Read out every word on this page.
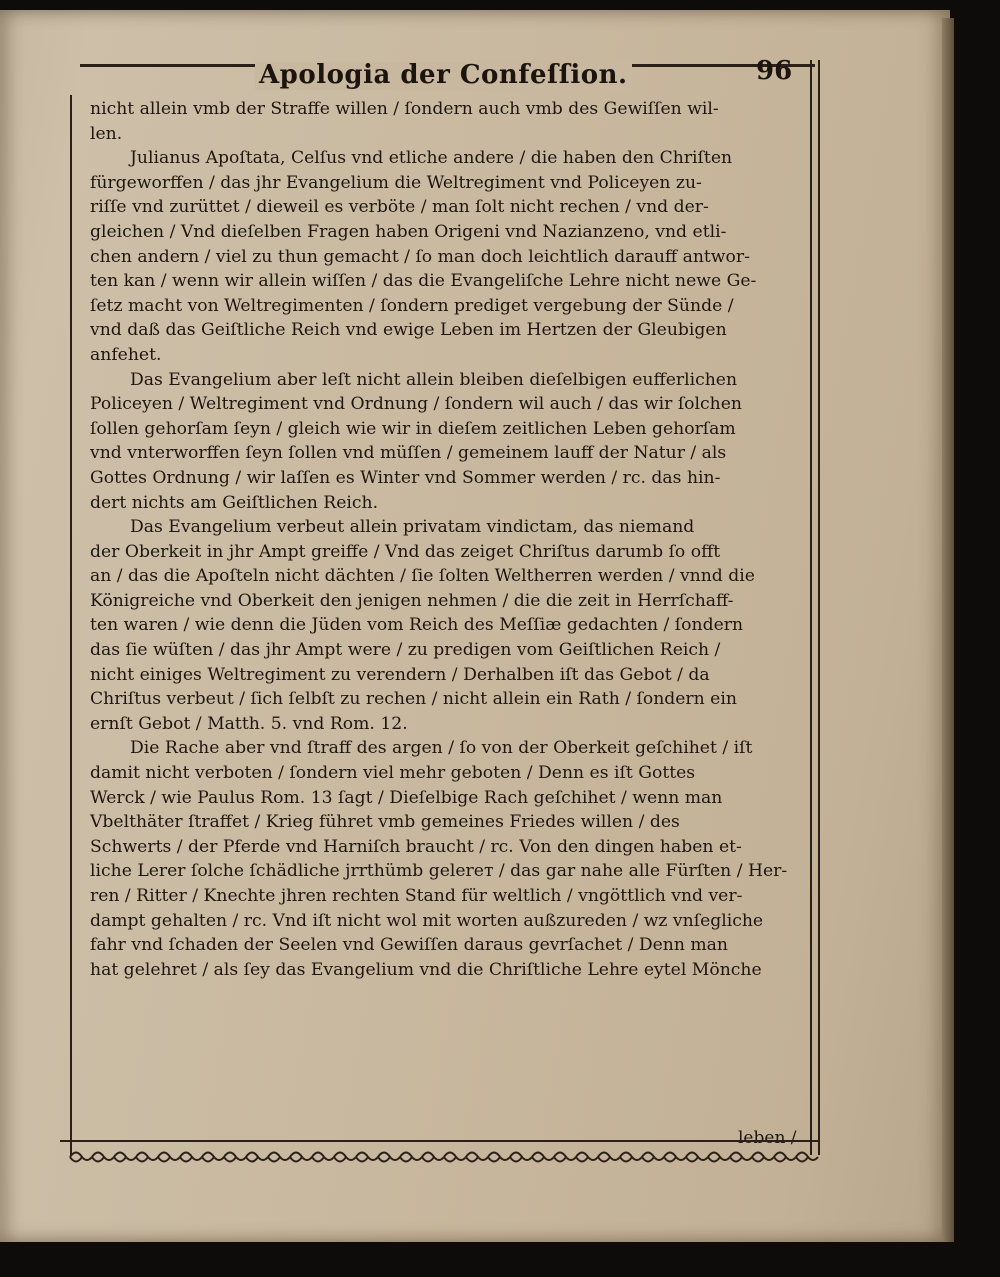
Apologia der Confeſſion.	96
nicht allein vmb der Straffe willen / ſondern auch vmb des Gewiſſen wil-
len.
Julianus Apoſtata, Celſus vnd etliche andere / die haben den Chriſten
fürgeworffen / das jhr Evangelium die Weltregiment vnd Policeyen zu-
riſſe vnd zurüttet / dieweil es verböte / man ſolt nicht rechen / vnd der-
gleichen / Vnd dieſelben Fragen haben Origeni vnd Nazianzeno, vnd etli-
chen andern / viel zu thun gemacht / ſo man doch leichtlich darauff antwor-
ten kan / wenn wir allein wiſſen / das die Evangeliſche Lehre nicht newe Ge-
ſetz macht von Weltregimenten / ſondern prediget vergebung der Sünde /
vnd daß das Geiſtliche Reich vnd ewige Leben im Hertzen der Gleubigen
anfehet.
Das Evangelium aber leſt nicht allein bleiben dieſelbigen eufferlichen
Policeyen / Weltregiment vnd Ordnung / ſondern wil auch / das wir ſolchen
ſollen gehorſam ſeyn / gleich wie wir in dieſem zeitlichen Leben gehorſam
vnd vnterworffen ſeyn ſollen vnd müſſen / gemeinem lauff der Natur / als
Gottes Ordnung / wir laſſen es Winter vnd Sommer werden / rc. das hin-
dert nichts am Geiſtlichen Reich.
Das Evangelium verbeut allein privatam vindictam, das niemand
der Oberkeit in jhr Ampt greiffe / Vnd das zeiget Chriſtus darumb ſo offt
an / das die Apoſteln nicht dächten / ſie ſolten Weltherren werden / vnnd die
Königreiche vnd Oberkeit den jenigen nehmen / die die zeit in Herrſchaff-
ten waren / wie denn die Jüden vom Reich des Meſſiæ gedachten / ſondern
das ſie wüſten / das jhr Ampt were / zu predigen vom Geiſtlichen Reich /
nicht einiges Weltregiment zu verendern / Derhalben iſt das Gebot / da
Chriſtus verbeut / ſich ſelbſt zu rechen / nicht allein ein Rath / ſondern ein
ernſt Gebot / Matth. 5. vnd Rom. 12.
Die Rache aber vnd ſtraff des argen / ſo von der Oberkeit geſchihet / iſt
damit nicht verboten / ſondern viel mehr geboten / Denn es iſt Gottes
Werck / wie Paulus Rom. 13 ſagt / Dieſelbige Rach geſchihet / wenn man
Vbelthäter ſtraffet / Krieg führet vmb gemeines Friedes willen / des
Schwerts / der Pferde vnd Harniſch braucht / rc. Von den dingen haben et-
liche Lerer ſolche ſchädliche jrrthümb gelerет / das gar nahe alle Fürſten / Her-
ren / Ritter / Knechte jhren rechten Stand für weltlich / vngöttlich vnd ver-
dampt gehalten / rc. Vnd iſt nicht wol mit worten außzureden / wz vnſegliche
fahr vnd ſchaden der Seelen vnd Gewiſſen daraus gevrſachet / Denn man
hat gelehret / als ſey das Evangelium vnd die Chriſtliche Lehre eytel Mönche
leben /
